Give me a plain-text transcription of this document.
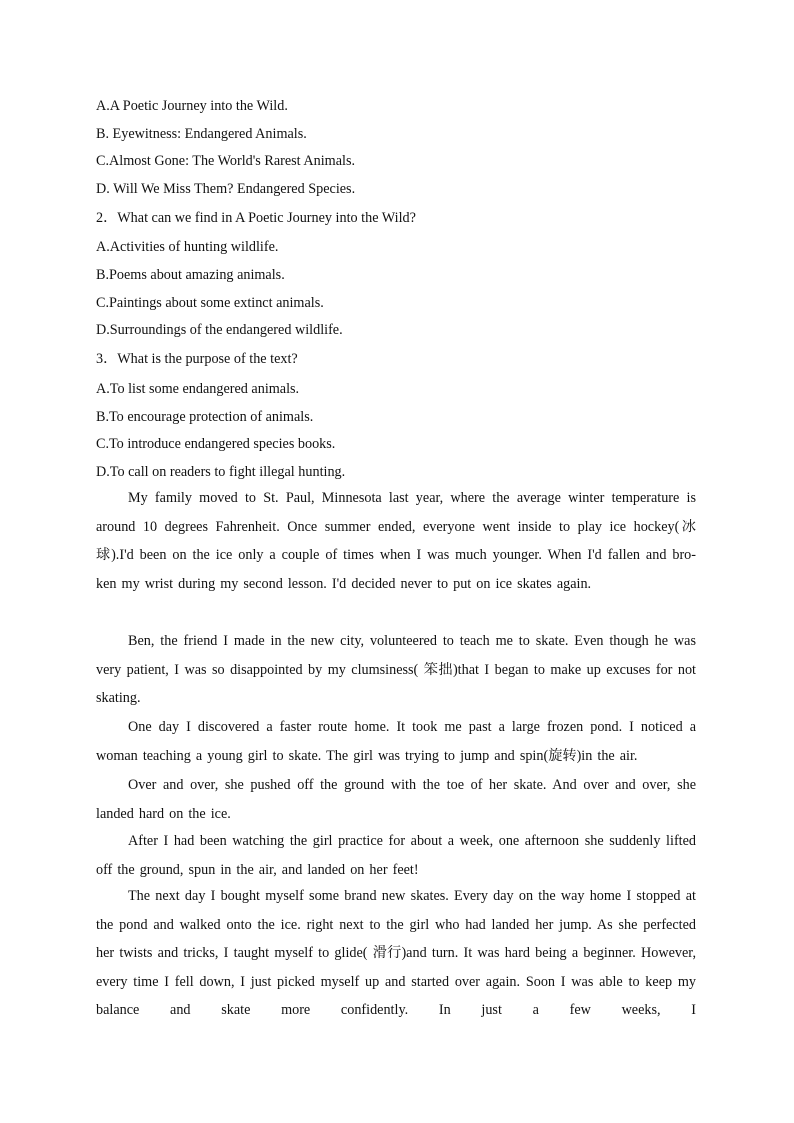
A.A Poetic Journey into the Wild.
B. Eyewitness: Endangered Animals.
C.Almost Gone: The World's Rarest Animals.
D. Will We Miss Them? Endangered Species.
2．What can we find in A Poetic Journey into the Wild?
A.Activities of hunting wildlife.
B.Poems about amazing animals.
C.Paintings about some extinct animals.
D.Surroundings of the endangered wildlife.
3．What is the purpose of the text?
A.To list some endangered animals.
B.To encourage protection of animals.
C.To introduce endangered species books.
D.To call on readers to fight illegal hunting.
My family moved to St. Paul, Minnesota last year, where the average winter temperature is around 10 degrees Fahrenheit. Once summer ended, everyone went inside to play ice hockey(冰球).I'd been on the ice only a couple of times when I was much younger. When I'd fallen and bro- ken my wrist during my second lesson. I'd decided never to put on ice skates again.
Ben, the friend I made in the new city, volunteered to teach me to skate. Even though he was very patient, I was so disappointed by my clumsiness( 笨拙)that I began to make up excuses for not skating.
One day I discovered a faster route home. It took me past a large frozen pond. I noticed a woman teaching a young girl to skate. The girl was trying to jump and spin(旋转)in the air.
Over and over, she pushed off the ground with the toe of her skate. And over and over, she landed hard on the ice.
After I had been watching the girl practice for about a week, one afternoon she suddenly lifted off the ground, spun in the air, and landed on her feet!
The next day I bought myself some brand new skates. Every day on the way home I stopped at the pond and walked onto the ice. right next to the girl who had landed her jump. As she perfected her twists and tricks, I taught myself to glide( 滑行)and turn. It was hard being a beginner. However, every time I fell down, I just picked myself up and started over again. Soon I was able to keep my balance and skate more confidently. In just a few weeks, I
